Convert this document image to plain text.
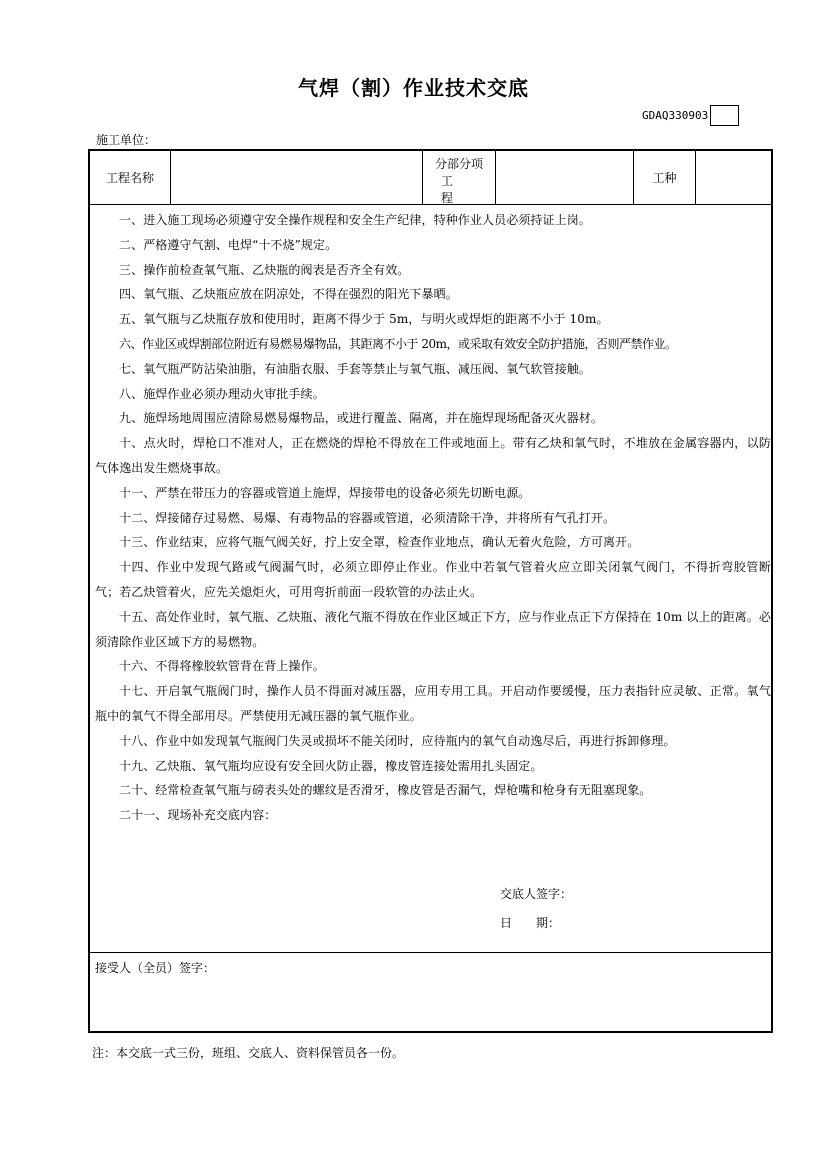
气焊（割）作业技术交底
GDAQ330903
施工单位：
工程名称
分部分项
工程
工种

一、进入施工现场必须遵守安全操作规程和安全生产纪律，特种作业人员必须持证上岗。

二、严格遵守气割、电焊“十不烧”规定。

三、操作前检查氧气瓶、乙炔瓶的阀表是否齐全有效。

四、氧气瓶、乙炔瓶应放在阴凉处，不得在强烈的阳光下暴晒。

五、氧气瓶与乙炔瓶存放和使用时，距离不得少于 5m，与明火或焊炬的距离不小于 10m。

六、作业区或焊割部位附近有易燃易爆物品，其距离不小于 20m，或采取有效安全防护措施，否则严禁作业。

七、氧气瓶严防沾染油脂，有油脂衣服、手套等禁止与氧气瓶、减压阀、氧气软管接触。

八、施焊作业必须办理动火审批手续。

九、施焊场地周围应清除易燃易爆物品，或进行覆盖、隔离，并在施焊现场配备灭火器材。

十、点火时，焊枪口不准对人，正在燃烧的焊枪不得放在工件或地面上。带有乙炔和氧气时，不堆放在金属容器内，以防气体逸出发生燃烧事故。

十一、严禁在带压力的容器或管道上施焊，焊接带电的设备必须先切断电源。

十二、焊接储存过易燃、易爆、有毒物品的容器或管道，必须清除干净，并将所有气孔打开。

十三、作业结束，应将气瓶气阀关好，拧上安全罩，检查作业地点，确认无着火危险，方可离开。

十四、作业中发现气路或气阀漏气时，必须立即停止作业。作业中若氧气管着火应立即关闭氧气阀门，不得折弯胶管断气；若乙炔管着火，应先关熄炬火，可用弯折前面一段软管的办法止火。

十五、高处作业时，氧气瓶、乙炔瓶、液化气瓶不得放在作业区域正下方，应与作业点正下方保持在 10m 以上的距离。必须清除作业区域下方的易燃物。

十六、不得将橡胶软管背在背上操作。

十七、开启氧气瓶阀门时，操作人员不得面对减压器，应用专用工具。开启动作要缓慢，压力表指针应灵敏、正常。氧气瓶中的氧气不得全部用尽。严禁使用无减压器的氧气瓶作业。

十八、作业中如发现氧气瓶阀门失灵或损坏不能关闭时，应待瓶内的氧气自动逸尽后，再进行拆卸修理。

十九、乙炔瓶、氧气瓶均应设有安全回火防止器，橡皮管连接处需用扎头固定。

二十、经常检查氧气瓶与磅表头处的螺纹是否滑牙，橡皮管是否漏气，焊枪嘴和枪身有无阻塞现象。

二十一、现场补充交底内容：

交底人签字：
日　　期：
接受人（全员）签字：
注：本交底一式三份，班组、交底人、资料保管员各一份。
